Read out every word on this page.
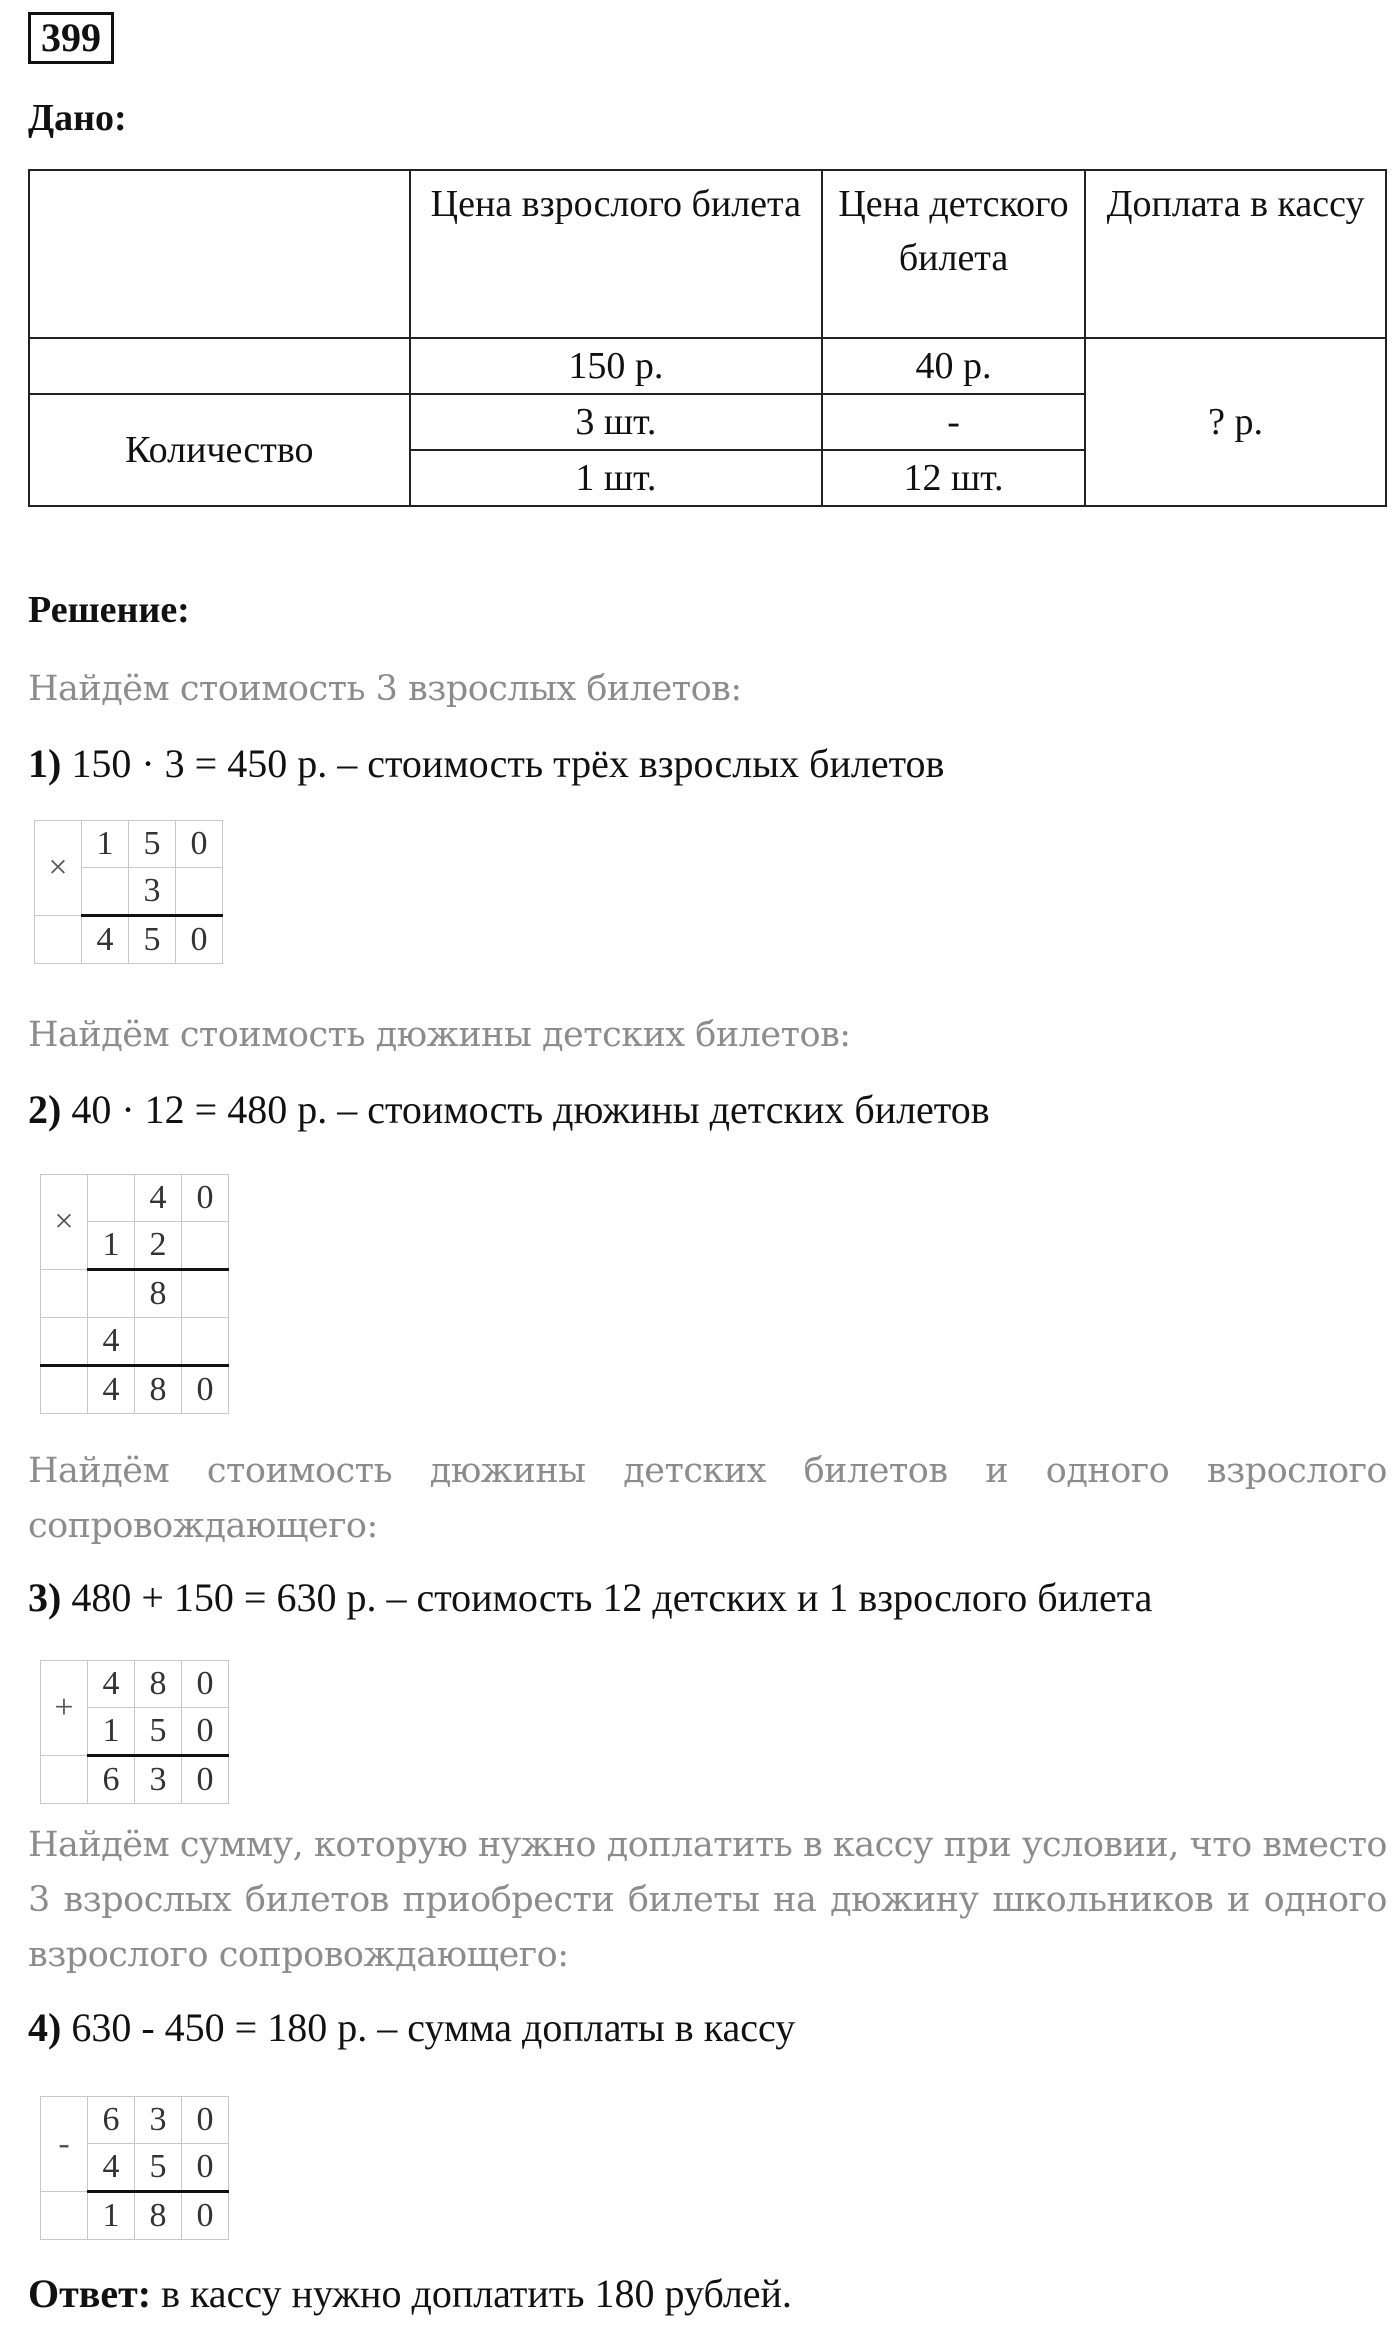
399
Дано:
	Цена взрослого билета	Цена детского билета	Доплата в кассу
	150 р.	40 р.	? р.
Количество	3 шт.	-	
	1 шт.	12 шт.	
Решение:
Найдём стоимость 3 взрослых билетов:
1) 150 · 3 = 450 р. – стоимость трёх взрослых билетов
×	1	5	0
		3	
	4	5	0
Найдём стоимость дюжины детских билетов:
2) 40 · 12 = 480 р. – стоимость дюжины детских билетов
×		4	0
	1	2	
		8	
	4		
	4	8	0
Найдём стоимость дюжины детских билетов и одного взрослого сопровождающего:
3) 480 + 150 = 630 р. – стоимость 12 детских и 1 взрослого билета
+	4	8	0
	1	5	0
	6	3	0
Найдём сумму, которую нужно доплатить в кассу при условии, что вместо 3 взрослых билетов приобрести билеты на дюжину школьников и одного взрослого сопровождающего:
4) 630 - 450 = 180 р. – сумма доплаты в кассу
-	6	3	0
	4	5	0
	1	8	0
Ответ: в кассу нужно доплатить 180 рублей.
